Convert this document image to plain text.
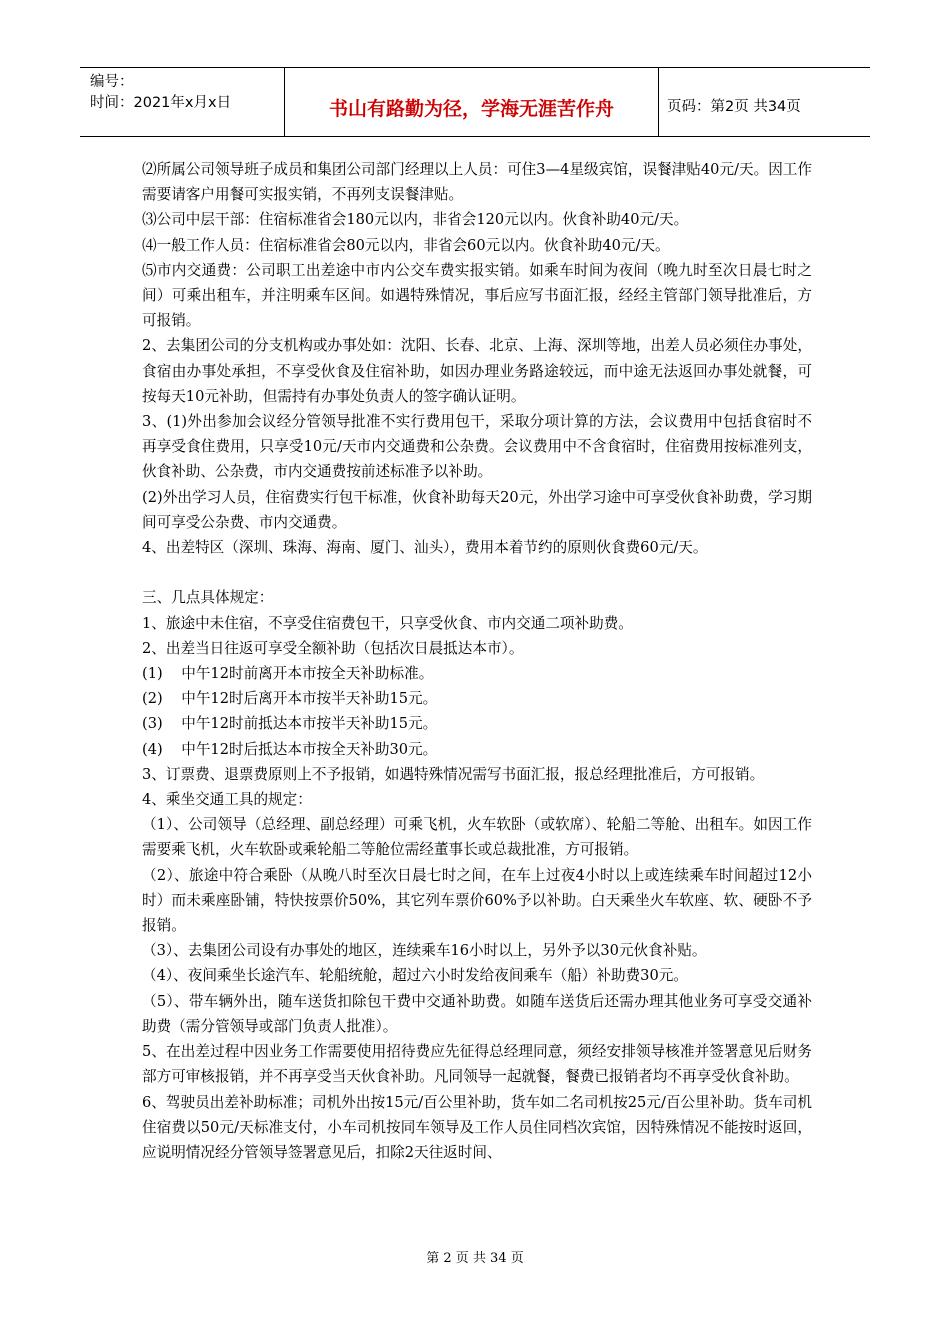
编号：
时间：2021年x月x日	书山有路勤为径，学海无涯苦作舟	页码：第2页 共34页

⑵所属公司领导班子成员和集团公司部门经理以上人员：可住3—4星级宾馆，误餐津贴40元/天。因工作需要请客户用餐可实报实销，不再列支误餐津贴。

⑶公司中层干部：住宿标准省会180元以内，非省会120元以内。伙食补助40元/天。

⑷一般工作人员：住宿标准省会80元以内，非省会60元以内。伙食补助40元/天。

⑸市内交通费：公司职工出差途中市内公交车费实报实销。如乘车时间为夜间（晚九时至次日晨七时之间）可乘出租车，并注明乘车区间。如遇特殊情况，事后应写书面汇报，经经主管部门领导批准后，方可报销。

2、去集团公司的分支机构或办事处如：沈阳、长春、北京、上海、深圳等地，出差人员必须住办事处，食宿由办事处承担，不享受伙食及住宿补助，如因办理业务路途较远，而中途无法返回办事处就餐，可按每天10元补助，但需持有办事处负责人的签字确认证明。

3、(1)外出参加会议经分管领导批准不实行费用包干，采取分项计算的方法，会议费用中包括食宿时不再享受食住费用，只享受10元/天市内交通费和公杂费。会议费用中不含食宿时，住宿费用按标准列支，伙食补助、公杂费，市内交通费按前述标准予以补助。

(2)外出学习人员，住宿费实行包干标准，伙食补助每天20元，外出学习途中可享受伙食补助费，学习期间可享受公杂费、市内交通费。

4、出差特区（深圳、珠海、海南、厦门、汕头），费用本着节约的原则伙食费60元/天。

三、几点具体规定：

1、旅途中未住宿，不享受住宿费包干，只享受伙食、市内交通二项补助费。

2、出差当日往返可享受全额补助（包括次日晨抵达本市）。

(1)    中午12时前离开本市按全天补助标准。

(2)    中午12时后离开本市按半天补助15元。

(3)    中午12时前抵达本市按半天补助15元。

(4)    中午12时后抵达本市按全天补助30元。

3、订票费、退票费原则上不予报销，如遇特殊情况需写书面汇报，报总经理批准后，方可报销。

4、乘坐交通工具的规定：

（1）、公司领导（总经理、副总经理）可乘飞机，火车软卧（或软席）、轮船二等舱、出租车。如因工作需要乘飞机，火车软卧或乘轮船二等舱位需经董事长或总裁批准，方可报销。

（2）、旅途中符合乘卧（从晚八时至次日晨七时之间，在车上过夜4小时以上或连续乘车时间超过12小时）而未乘座卧铺，特快按票价50%，其它列车票价60%予以补助。白天乘坐火车软座、软、硬卧不予报销。

（3）、去集团公司设有办事处的地区，连续乘车16小时以上，另外予以30元伙食补贴。

（4）、夜间乘坐长途汽车、轮船统舱，超过六小时发给夜间乘车（船）补助费30元。

（5）、带车辆外出，随车送货扣除包干费中交通补助费。如随车送货后还需办理其他业务可享受交通补助费（需分管领导或部门负责人批准）。

5、在出差过程中因业务工作需要使用招待费应先征得总经理同意，须经安排领导核准并签署意见后财务部方可审核报销，并不再享受当天伙食补助。凡同领导一起就餐，餐费已报销者均不再享受伙食补助。

6、驾驶员出差补助标准；司机外出按15元/百公里补助，货车如二名司机按25元/百公里补助。货车司机住宿费以50元/天标准支付，小车司机按同车领导及工作人员住同档次宾馆，因特殊情况不能按时返回，应说明情况经分管领导签署意见后，扣除2天往返时间、

第 2 页 共 34 页
